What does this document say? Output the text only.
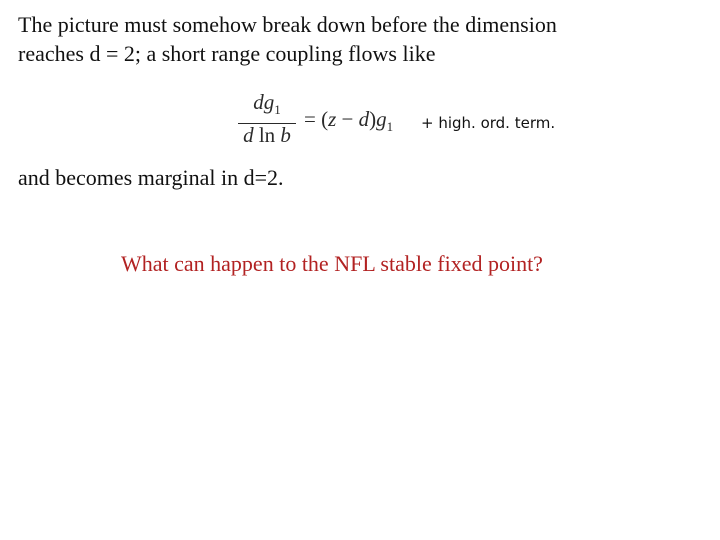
The picture must somehow break down before the dimension
reaches d = 2; a short range coupling flows like
$dg_1$
d ln b
= $(z - d)g_1$ + high. ord. term.
and becomes marginal in d=2.
What can happen to the NFL stable fixed point?
